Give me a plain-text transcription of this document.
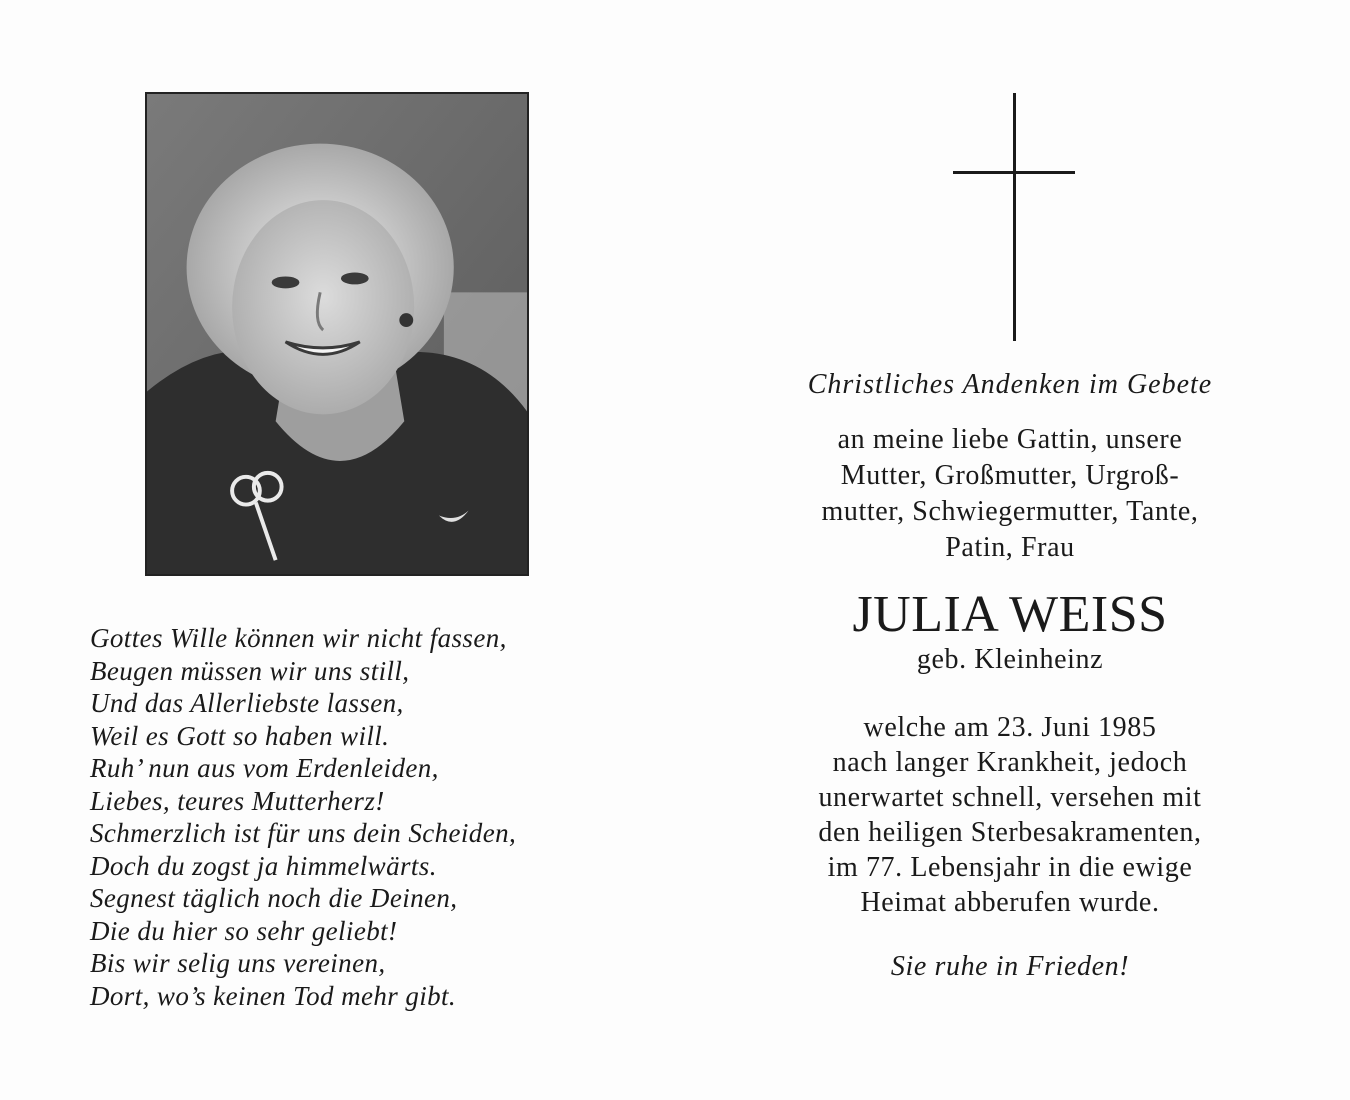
Gottes Wille können wir nicht fassen,
Beugen müssen wir uns still,
Und das Allerliebste lassen,
Weil es Gott so haben will.
Ruh’ nun aus vom Erdenleiden,
Liebes, teures Mutterherz!
Schmerzlich ist für uns dein Scheiden,
Doch du zogst ja himmelwärts.
Segnest täglich noch die Deinen,
Die du hier so sehr geliebt!
Bis wir selig uns vereinen,
Dort, wo’s keinen Tod mehr gibt.
Christliches Andenken im Gebete
an meine liebe Gattin, unsere
Mutter, Großmutter, Urgroß-
mutter, Schwiegermutter, Tante,
Patin, Frau
JULIA WEISS
geb. Kleinheinz
welche am 23. Juni 1985
nach langer Krankheit, jedoch
unerwartet schnell, versehen mit
den heiligen Sterbesakramenten,
im 77. Lebensjahr in die ewige
Heimat abberufen wurde.
Sie ruhe in Frieden!
